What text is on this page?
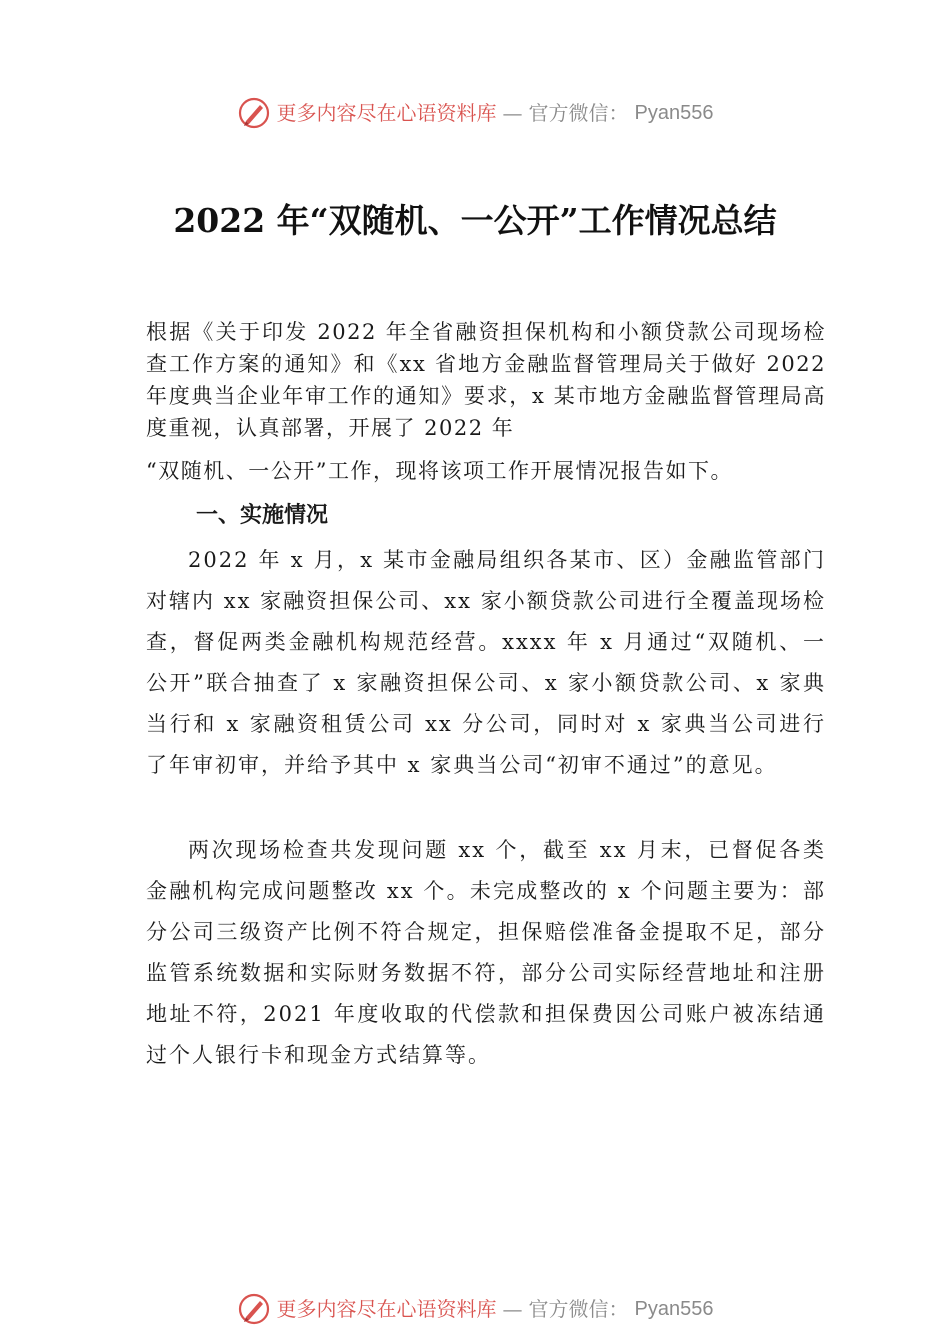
更多内容尽在心语资料库 — 官方微信： Pyan556
2022 年“双随机、一公开”工作情况总结

根据《关于印发 2022 年全省融资担保机构和小额贷款公司现场检查工作方案的通知》和《xx 省地方金融监督管理局关于做好 2022 年度典当企业年审工作的通知》要求，x 某市地方金融监督管理局高度重视，认真部署，开展了 2022 年

“双随机、一公开”工作，现将该项工作开展情况报告如下。

一、实施情况

2022 年 x 月，x 某市金融局组织各某市、区）金融监管部门对辖内 xx 家融资担保公司、xx 家小额贷款公司进行全覆盖现场检查，督促两类金融机构规范经营。xxxx 年 x 月通过“双随机、一公开”联合抽查了 x 家融资担保公司、x 家小额贷款公司、x 家典当行和 x 家融资租赁公司 xx 分公司，同时对 x 家典当公司进行了年审初审，并给予其中 x 家典当公司“初审不通过”的意见。

两次现场检查共发现问题 xx 个，截至 xx 月末，已督促各类金融机构完成问题整改 xx 个。未完成整改的 x 个问题主要为：部分公司三级资产比例不符合规定，担保赔偿准备金提取不足，部分监管系统数据和实际财务数据不符，部分公司实际经营地址和注册地址不符，2021 年度收取的代偿款和担保费因公司账户被冻结通过个人银行卡和现金方式结算等。

更多内容尽在心语资料库 — 官方微信： Pyan556
